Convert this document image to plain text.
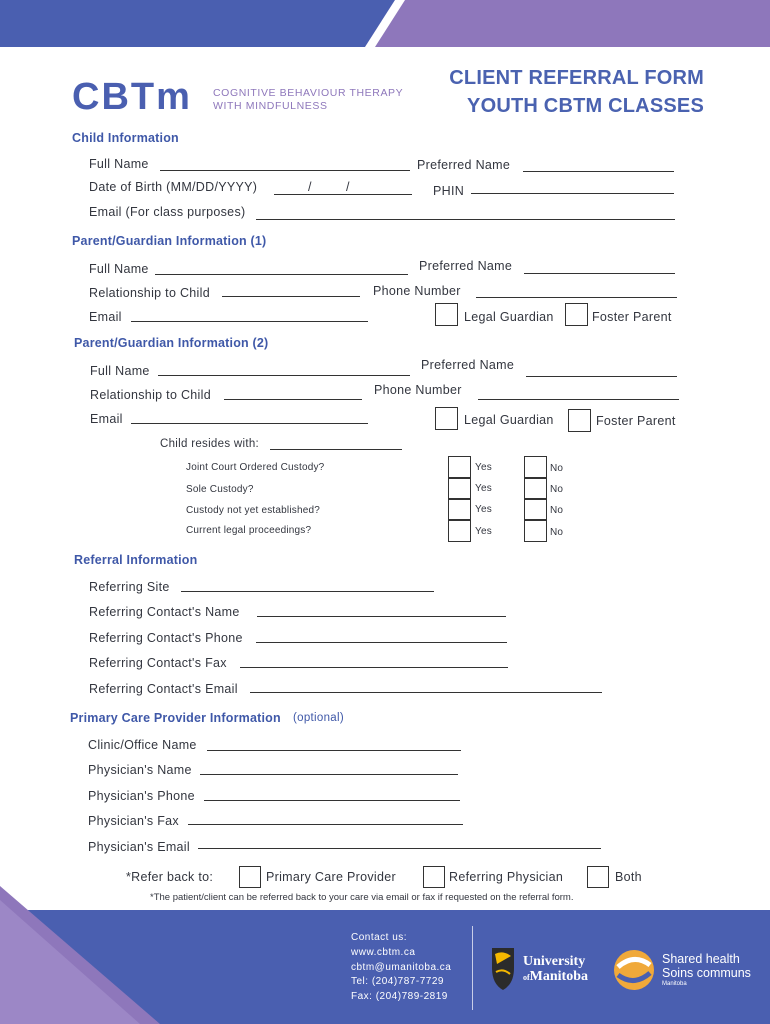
CBTm COGNITIVE BEHAVIOUR THERAPY
WITH MINDFULNESS
CLIENT REFERRAL FORM
YOUTH CBTM CLASSES
Child Information
Full Name	Preferred Name
Date of Birth (MM/DD/YYYY)	/	/	PHIN
Email (For class purposes)
Parent/Guardian Information (1)
Full Name	Preferred Name
Relationship to Child	Phone Number
Email	Legal Guardian	Foster Parent
Parent/Guardian Information (2)
Full Name	Preferred Name
Relationship to Child	Phone Number
Email	Legal Guardian	Foster Parent
Child resides with:
Joint Court Ordered Custody?	Yes	No
Sole Custody?	Yes	No
Custody not yet established?	Yes	No
Current legal proceedings?	Yes	No
Referral Information
Referring Site
Referring Contact's Name
Referring Contact's Phone
Referring Contact's Fax
Referring Contact's Email
Primary Care Provider Information (optional)
Clinic/Office Name
Physician's Name
Physician's Phone
Physician's Fax
Physician's Email
*Refer back to:	Primary Care Provider	Referring Physician	Both
*The patient/client can be referred back to your care via email or fax if requested on the referral form.
Contact us:
www.cbtm.ca
cbtm@umanitoba.ca
Tel: (204)787-7729
Fax: (204)789-2819
University
ofManitoba
Shared health
Soins communs
Manitoba
